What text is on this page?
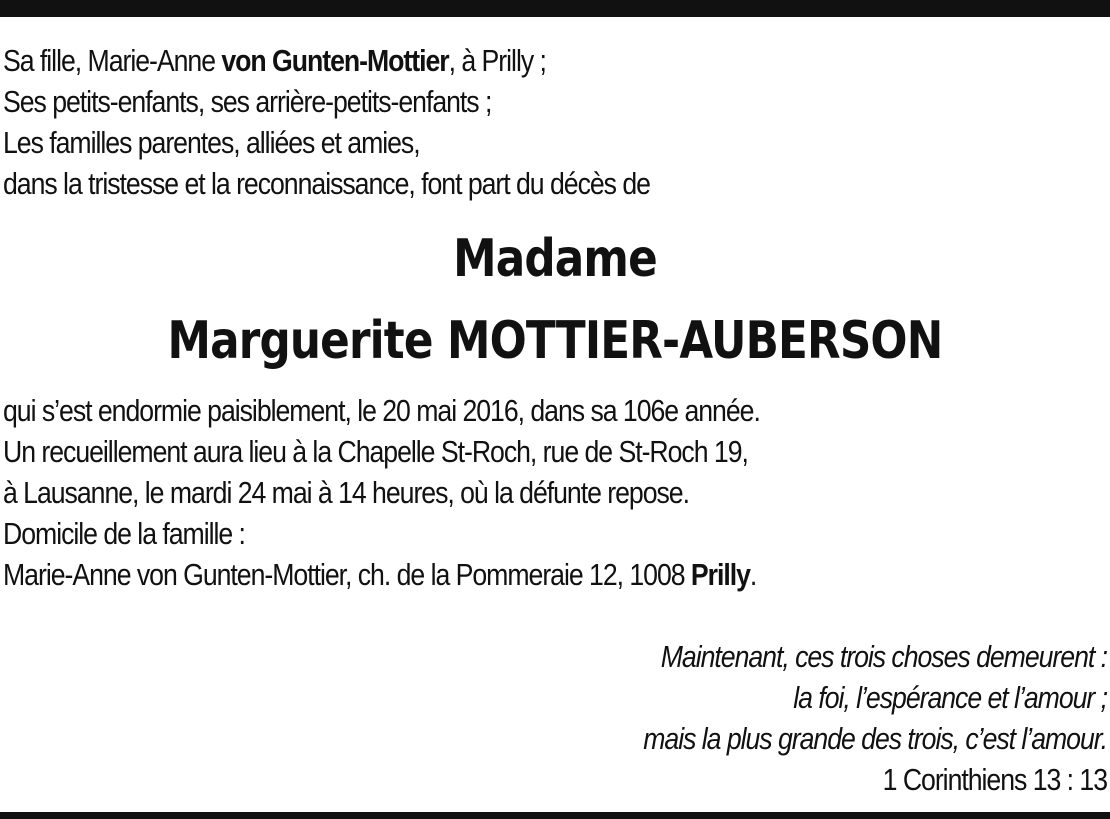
Sa fille, Marie-Anne von Gunten-Mottier, à Prilly ;
Ses petits-enfants, ses arrière-petits-enfants ;
Les familles parentes, alliées et amies,
dans la tristesse et la reconnaissance, font part du décès de
Madame
Marguerite MOTTIER-AUBERSON
qui s’est endormie paisiblement, le 20 mai 2016, dans sa 106e année.
Un recueillement aura lieu à la Chapelle St-Roch, rue de St-Roch 19,
à Lausanne, le mardi 24 mai à 14 heures, où la défunte repose.
Domicile de la famille :
Marie-Anne von Gunten-Mottier, ch. de la Pommeraie 12, 1008 Prilly.
Maintenant, ces trois choses demeurent :
la foi, l’espérance et l’amour ;
mais la plus grande des trois, c’est l’amour.
1 Corinthiens 13 : 13
